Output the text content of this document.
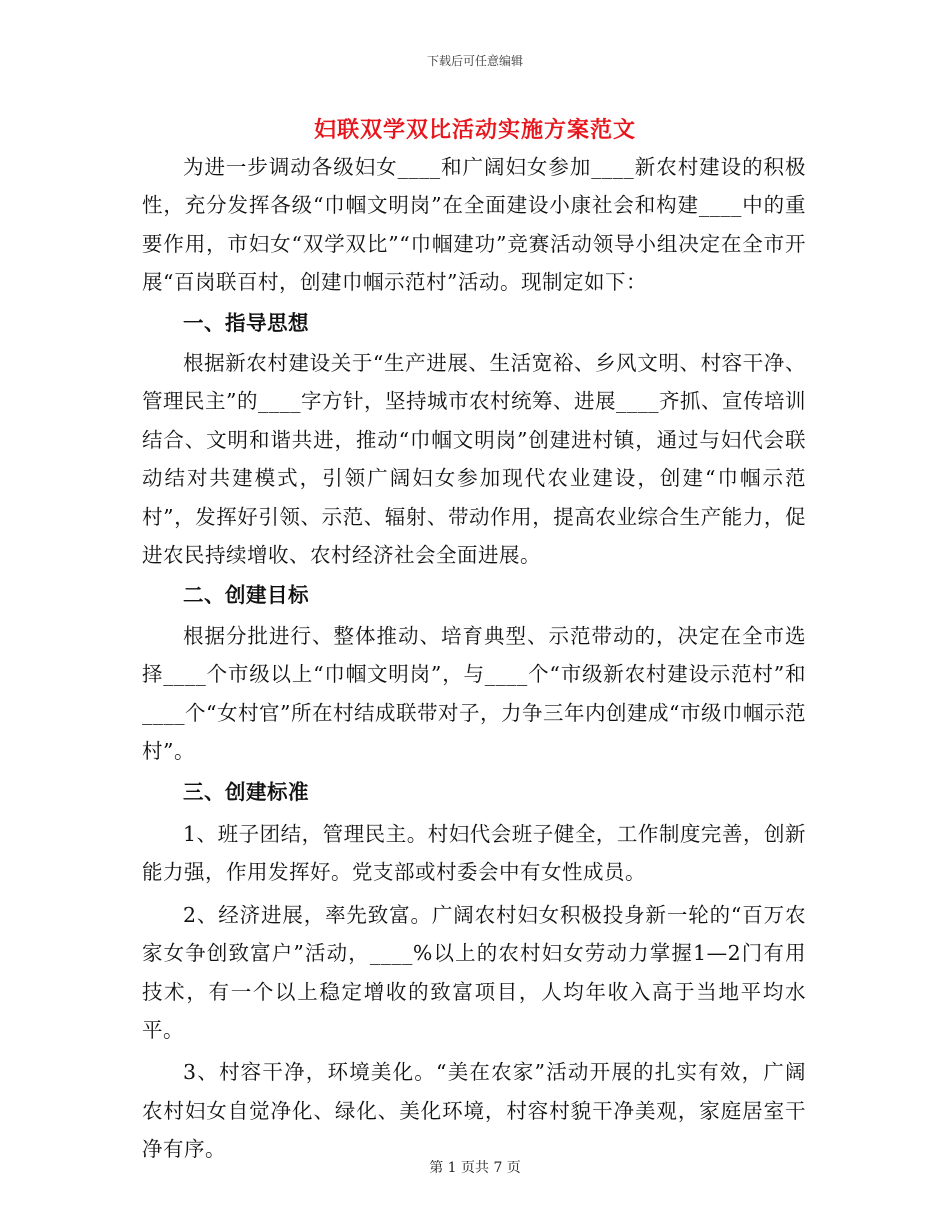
下载后可任意编辑
妇联双学双比活动实施方案范文

为进一步调动各级妇女____和广阔妇女参加____新农村建设的积极性，充分发挥各级“巾帼文明岗”在全面建设小康社会和构建____中的重要作用，市妇女“双学双比”“巾帼建功”竞赛活动领导小组决定在全市开展“百岗联百村，创建巾帼示范村”活动。现制定如下：

一、指导思想

根据新农村建设关于“生产进展、生活宽裕、乡风文明、村容干净、管理民主”的____字方针，坚持城市农村统筹、进展____齐抓、宣传培训结合、文明和谐共进，推动“巾帼文明岗”创建进村镇，通过与妇代会联动结对共建模式，引领广阔妇女参加现代农业建设，创建“巾帼示范村”，发挥好引领、示范、辐射、带动作用，提高农业综合生产能力，促进农民持续增收、农村经济社会全面进展。

二、创建目标

根据分批进行、整体推动、培育典型、示范带动的，决定在全市选择____个市级以上“巾帼文明岗”，与____个“市级新农村建设示范村”和____个“女村官”所在村结成联带对子，力争三年内创建成“市级巾帼示范村”。

三、创建标准

1、班子团结，管理民主。村妇代会班子健全，工作制度完善，创新能力强，作用发挥好。党支部或村委会中有女性成员。

2、经济进展，率先致富。广阔农村妇女积极投身新一轮的“百万农家女争创致富户”活动，____%以上的农村妇女劳动力掌握1—2门有用技术，有一个以上稳定增收的致富项目，人均年收入高于当地平均水平。

3、村容干净，环境美化。“美在农家”活动开展的扎实有效，广阔农村妇女自觉净化、绿化、美化环境，村容村貌干净美观，家庭居室干净有序。

第 1 页共 7 页
